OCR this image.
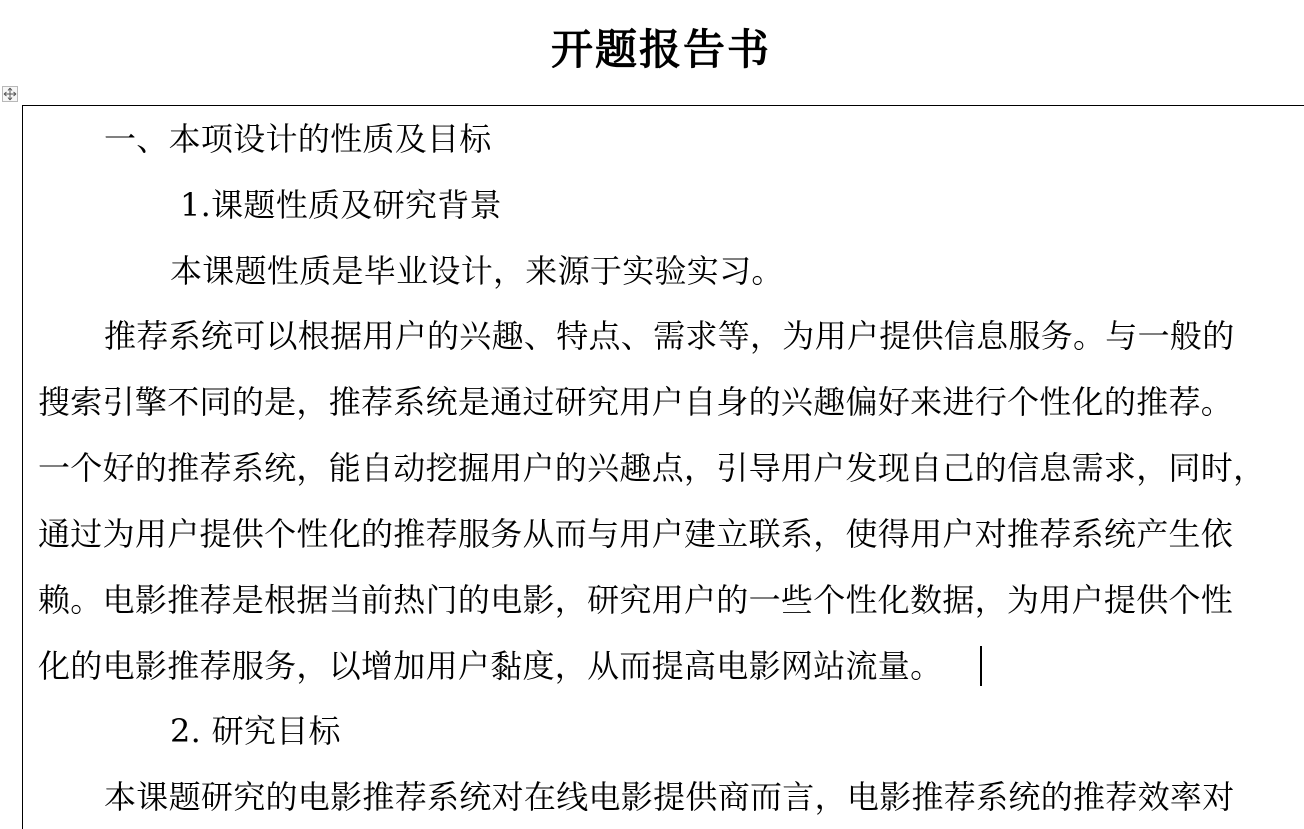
开题报告书
一、本项设计的性质及目标
1.课题性质及研究背景
本课题性质是毕业设计，来源于实验实习。
推荐系统可以根据用户的兴趣、特点、需求等，为用户提供信息服务。与一般的
搜索引擎不同的是，推荐系统是通过研究用户自身的兴趣偏好来进行个性化的推荐。
一个好的推荐系统，能自动挖掘用户的兴趣点，引导用户发现自己的信息需求，同时，
通过为用户提供个性化的推荐服务从而与用户建立联系，使得用户对推荐系统产生依
赖。电影推荐是根据当前热门的电影，研究用户的一些个性化数据，为用户提供个性
化的电影推荐服务，以增加用户黏度，从而提高电影网站流量。
2. 研究目标
本课题研究的电影推荐系统对在线电影提供商而言，电影推荐系统的推荐效率对
